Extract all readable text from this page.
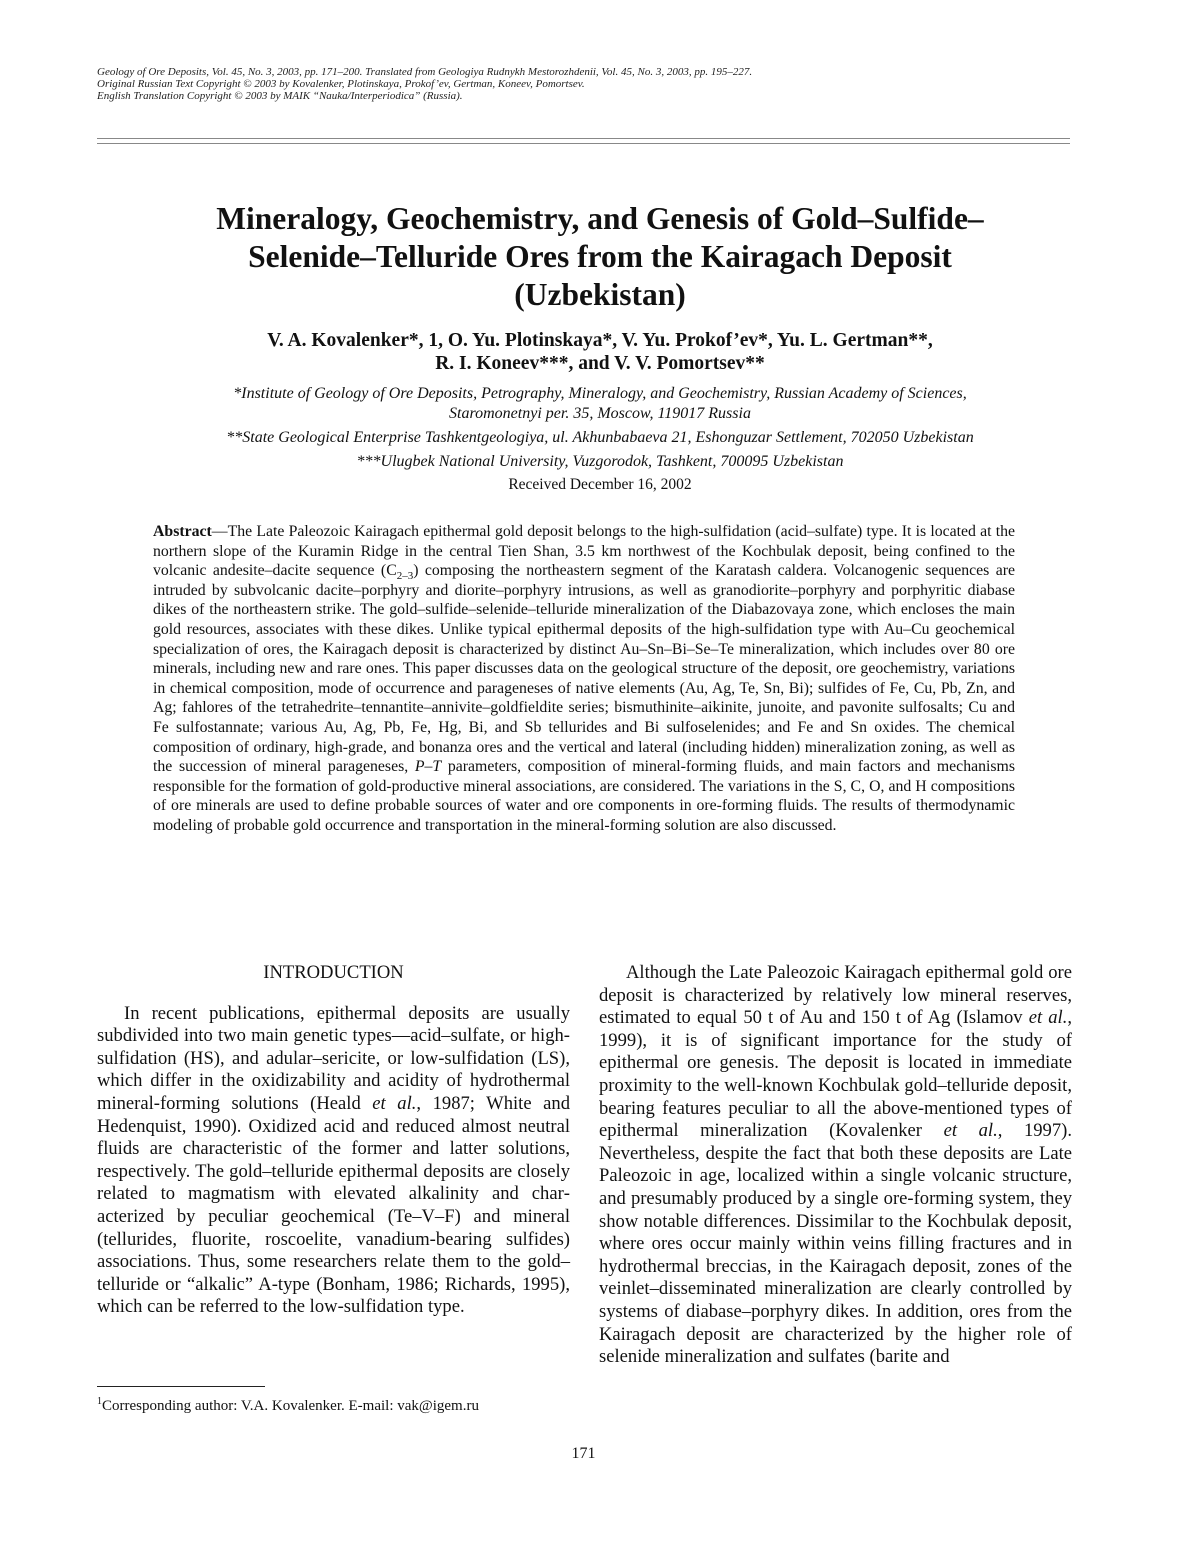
Geology of Ore Deposits, Vol. 45, No. 3, 2003, pp. 171–200. Translated from Geologiya Rudnykh Mestorozhdenii, Vol. 45, No. 3, 2003, pp. 195–227.
Original Russian Text Copyright © 2003 by Kovalenker, Plotinskaya, Prokof’ev, Gertman, Koneev, Pomortsev.
English Translation Copyright © 2003 by MAIK “Nauka/Interperiodica” (Russia).
Mineralogy, Geochemistry, and Genesis of Gold–Sulfide–
Selenide–Telluride Ores from the Kairagach Deposit
(Uzbekistan)
V. A. Kovalenker*, 1, O. Yu. Plotinskaya*, V. Yu. Prokof’ev*, Yu. L. Gertman**,
R. I. Koneev***, and V. V. Pomortsev**
*Institute of Geology of Ore Deposits, Petrography, Mineralogy, and Geochemistry, Russian Academy of Sciences,
Staromonetnyi per. 35, Moscow, 119017 Russia
**State Geological Enterprise Tashkentgeologiya, ul. Akhunbabaeva 21, Eshonguzar Settlement, 702050 Uzbekistan
***Ulugbek National University, Vuzgorodok, Tashkent, 700095 Uzbekistan
Received December 16, 2002
Abstract—The Late Paleozoic Kairagach epithermal gold deposit belongs to the high-sulfidation (acid–sulfate) type. It is located at the northern slope of the Kuramin Ridge in the central Tien Shan, 3.5 km northwest of the Kochbulak deposit, being confined to the volcanic andesite–dacite sequence $(C_{2-3})$ composing the northeastern segment of the Karatash caldera. Volcanogenic sequences are intruded by subvolcanic dacite–porphyry and diorite–porphyry intrusions, as well as granodiorite–porphyry and porphyritic diabase dikes of the northeastern strike. The gold–sulfide–selenide–telluride mineralization of the Diabazovaya zone, which encloses the main gold resources, associates with these dikes. Unlike typical epithermal deposits of the high-sulfidation type with Au–Cu geochemical specialization of ores, the Kairagach deposit is characterized by distinct Au–Sn–Bi–Se–Te mineralization, which includes over 80 ore minerals, including new and rare ones. This paper discusses data on the geological structure of the deposit, ore geochemistry, variations in chemical composition, mode of occurrence and parageneses of native elements (Au, Ag, Te, Sn, Bi); sulfides of Fe, Cu, Pb, Zn, and Ag; fahlores of the tetrahedrite–tennantite–annivite–goldfieldite series; bismuthinite–aikinite, junoite, and pavonite sulfosalts; Cu and Fe sulfostannate; various Au, Ag, Pb, Fe, Hg, Bi, and Sb tellurides and Bi sulfoselenides; and Fe and Sn oxides. The chemical composition of ordinary, high-grade, and bonanza ores and the vertical and lateral (including hidden) mineralization zoning, as well as the succession of mineral parageneses, P–T parameters, composition of mineral-forming fluids, and main factors and mechanisms responsible for the formation of gold-productive mineral associations, are considered. The variations in the S, C, O, and H compositions of ore minerals are used to define probable sources of water and ore components in ore-forming fluids. The results of thermodynamic modeling of probable gold occurrence and transportation in the mineral-forming solution are also discussed.
INTRODUCTION

In recent publications, epithermal deposits are usually subdivided into two main genetic types—acid–sulfate, or high-sulfidation (HS), and adular–sericite, or low-sulfidation (LS), which differ in the oxidizability and acidity of hydrothermal mineral-forming solutions (Heald et al., 1987; White and Hedenquist, 1990). Oxidized acid and reduced almost neutral fluids are characteristic of the former and latter solutions, respectively. The gold–telluride epithermal deposits are closely related to magmatism with elevated alkalinity and characterized by peculiar geochemical (Te–V–F) and mineral (tellurides, fluorite, roscoelite, vanadium-bearing sulfides) associations. Thus, some researchers relate them to the gold–telluride or “alkalic” A-type (Bonham, 1986; Richards, 1995), which can be referred to the low-sulfidation type.

Although the Late Paleozoic Kairagach epithermal gold ore deposit is characterized by relatively low mineral reserves, estimated to equal 50 t of Au and 150 t of Ag (Islamov et al., 1999), it is of significant importance for the study of epithermal ore genesis. The deposit is located in immediate proximity to the well-known Kochbulak gold–telluride deposit, bearing features peculiar to all the above-mentioned types of epithermal mineralization (Kovalenker et al., 1997). Nevertheless, despite the fact that both these deposits are Late Paleozoic in age, localized within a single volcanic structure, and presumably produced by a single ore-forming system, they show notable differences. Dissimilar to the Kochbulak deposit, where ores occur mainly within veins filling fractures and in hydrothermal breccias, in the Kairagach deposit, zones of the veinlet–disseminated mineralization are clearly controlled by systems of diabase–porphyry dikes. In addition, ores from the Kairagach deposit are characterized by the higher role of selenide mineralization and sulfates (barite and

$^1$Corresponding author: V.A. Kovalenker. E-mail: vak@igem.ru
171
